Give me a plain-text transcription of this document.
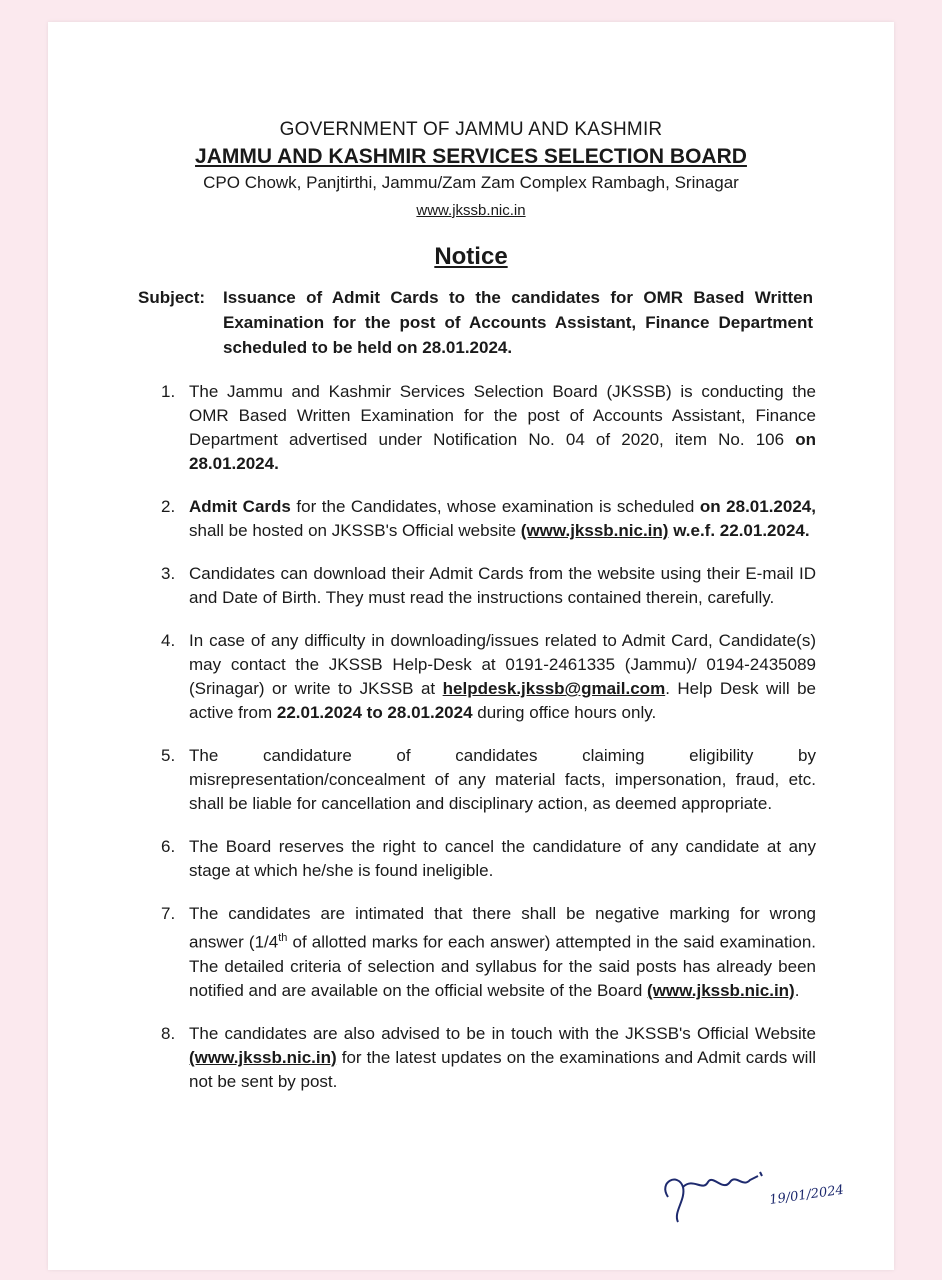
GOVERNMENT OF JAMMU AND KASHMIR
JAMMU AND KASHMIR SERVICES SELECTION BOARD
CPO Chowk, Panjtirthi, Jammu/Zam Zam Complex Rambagh, Srinagar
www.jkssb.nic.in
Notice
Subject: Issuance of Admit Cards to the candidates for OMR Based Written Examination for the post of Accounts Assistant, Finance Department scheduled to be held on 28.01.2024.
1. The Jammu and Kashmir Services Selection Board (JKSSB) is conducting the OMR Based Written Examination for the post of Accounts Assistant, Finance Department advertised under Notification No. 04 of 2020, item No. 106 on 28.01.2024.
2. Admit Cards for the Candidates, whose examination is scheduled on 28.01.2024, shall be hosted on JKSSB's Official website (www.jkssb.nic.in) w.e.f. 22.01.2024.
3. Candidates can download their Admit Cards from the website using their E-mail ID and Date of Birth. They must read the instructions contained therein, carefully.
4. In case of any difficulty in downloading/issues related to Admit Card, Candidate(s) may contact the JKSSB Help-Desk at 0191-2461335 (Jammu)/ 0194-2435089 (Srinagar) or write to JKSSB at helpdesk.jkssb@gmail.com. Help Desk will be active from 22.01.2024 to 28.01.2024 during office hours only.
5. The candidature of candidates claiming eligibility by misrepresentation/concealment of any material facts, impersonation, fraud, etc. shall be liable for cancellation and disciplinary action, as deemed appropriate.
6. The Board reserves the right to cancel the candidature of any candidate at any stage at which he/she is found ineligible.
7. The candidates are intimated that there shall be negative marking for wrong answer (1/4th of allotted marks for each answer) attempted in the said examination. The detailed criteria of selection and syllabus for the said posts has already been notified and are available on the official website of the Board (www.jkssb.nic.in).
8. The candidates are also advised to be in touch with the JKSSB's Official Website (www.jkssb.nic.in) for the latest updates on the examinations and Admit cards will not be sent by post.
19/01/2024
